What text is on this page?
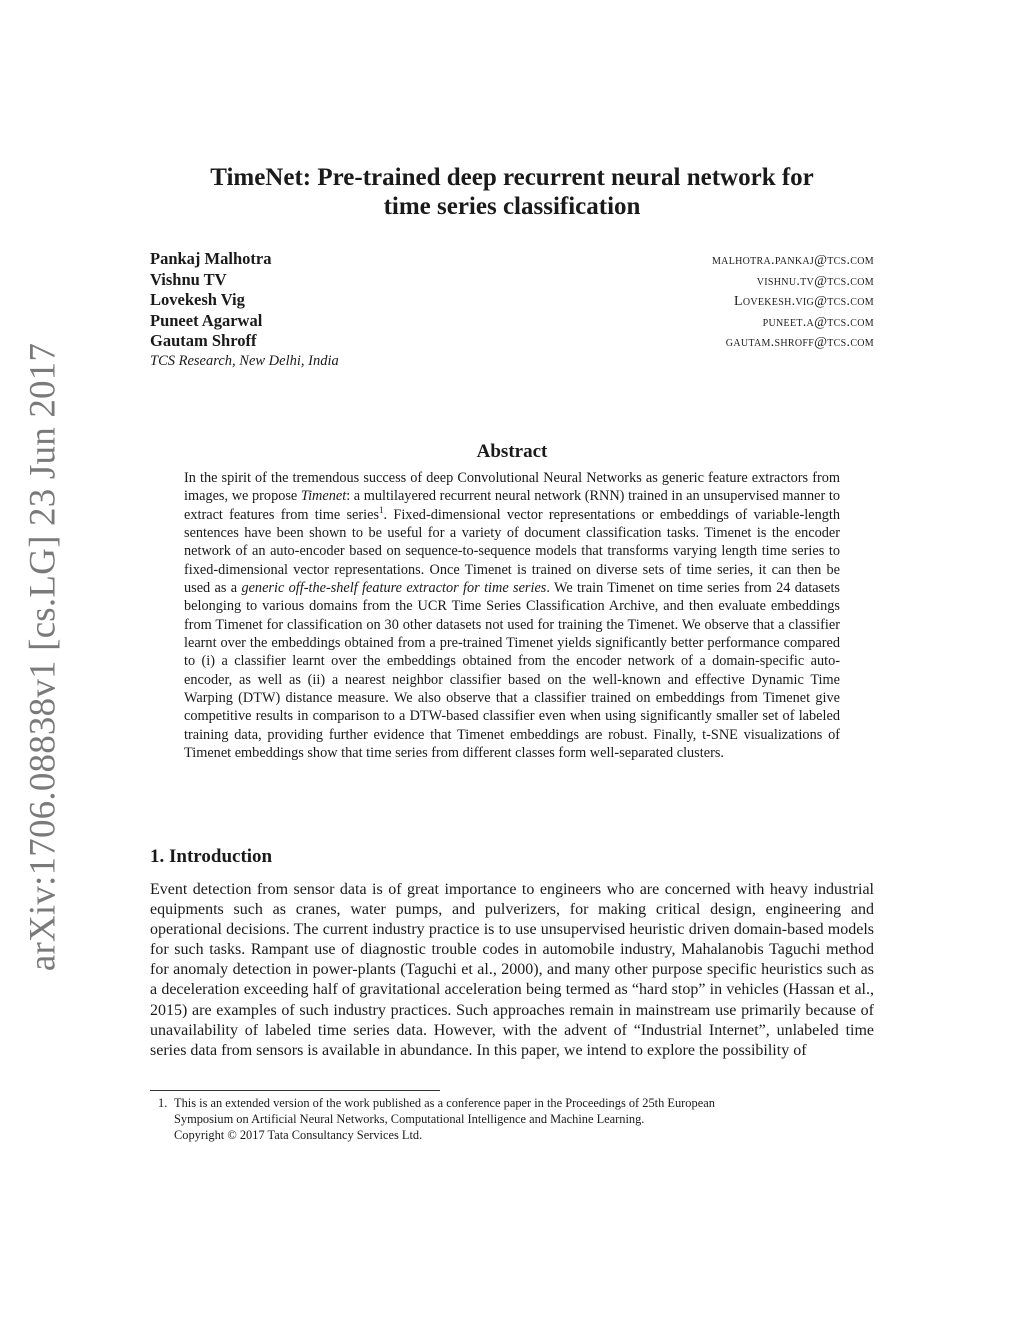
arXiv:1706.08838v1 [cs.LG] 23 Jun 2017
TimeNet: Pre-trained deep recurrent neural network for
time series classification
Pankaj Malhotra	malhotra.pankaj@tcs.com
Vishnu TV	vishnu.tv@tcs.com
Lovekesh Vig	Lovekesh.vig@tcs.com
Puneet Agarwal	puneet.a@tcs.com
Gautam Shroff	gautam.shroff@tcs.com
TCS Research, New Delhi, India
Abstract
In the spirit of the tremendous success of deep Convolutional Neural Networks as generic feature extractors from images, we propose Timenet: a multilayered recurrent neural network (RNN) trained in an unsupervised manner to extract features from time series$^1$. Fixed-dimensional vector representations or embeddings of variable-length sentences have been shown to be useful for a variety of document classification tasks. Timenet is the encoder network of an auto-encoder based on sequence-to-sequence models that transforms varying length time series to fixed-dimensional vector representations. Once Timenet is trained on diverse sets of time series, it can then be used as a generic off-the-shelf feature extractor for time series. We train Timenet on time series from 24 datasets belonging to various domains from the UCR Time Series Classification Archive, and then evaluate embeddings from Timenet for classification on 30 other datasets not used for training the Timenet. We observe that a classifier learnt over the embeddings obtained from a pre-trained Timenet yields significantly better performance compared to (i) a classifier learnt over the embeddings obtained from the encoder network of a domain-specific auto-encoder, as well as (ii) a nearest neighbor classifier based on the well-known and effective Dynamic Time Warping (DTW) distance measure. We also observe that a classifier trained on embeddings from Timenet give competitive results in comparison to a DTW-based classifier even when using significantly smaller set of labeled training data, providing further evidence that Timenet embeddings are robust. Finally, t-SNE visualizations of Timenet embeddings show that time series from different classes form well-separated clusters.
1. Introduction
Event detection from sensor data is of great importance to engineers who are concerned with heavy industrial equipments such as cranes, water pumps, and pulverizers, for making critical design, engineering and operational decisions. The current industry practice is to use unsupervised heuristic driven domain-based models for such tasks. Rampant use of diagnostic trouble codes in automobile industry, Mahalanobis Taguchi method for anomaly detection in power-plants (Taguchi et al., 2000), and many other purpose specific heuristics such as a deceleration exceeding half of gravitational acceleration being termed as “hard stop” in vehicles (Hassan et al., 2015) are examples of such industry practices. Such approaches remain in mainstream use primarily because of unavailability of labeled time series data. However, with the advent of “Industrial Internet”, unlabeled time series data from sensors is available in abundance. In this paper, we intend to explore the possibility of
1. This is an extended version of the work published as a conference paper in the Proceedings of 25th European
Symposium on Artificial Neural Networks, Computational Intelligence and Machine Learning.
Copyright © 2017 Tata Consultancy Services Ltd.
